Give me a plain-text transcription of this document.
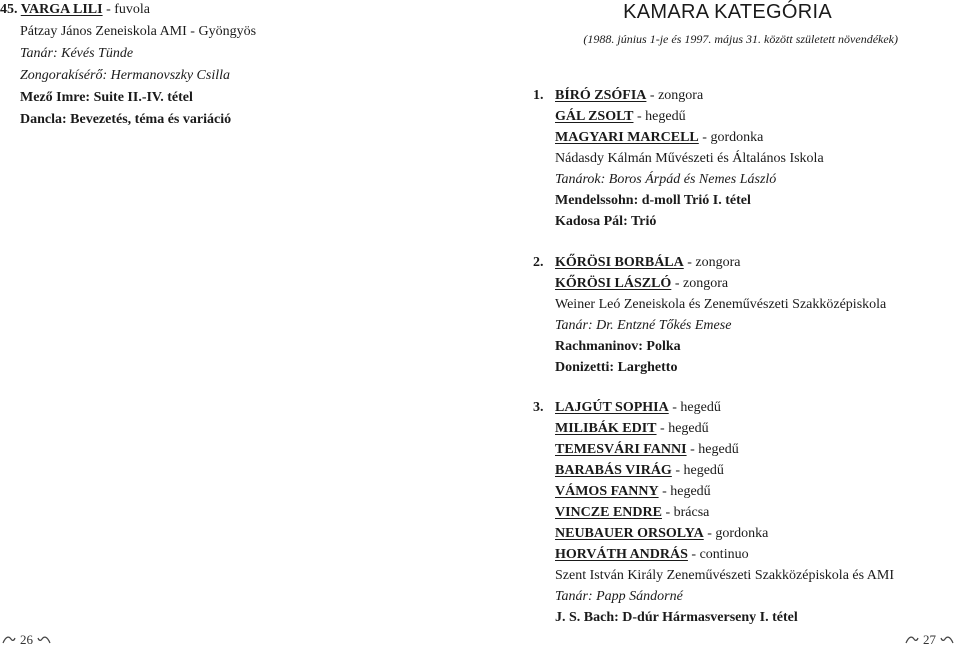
45. VARGA LILI - fuvola
Pátzay János Zeneiskola AMI - Gyöngyös
Tanár: Kévés Tünde
Zongorakísérő: Hermanovszky Csilla
Mező Imre: Suite II.-IV. tétel
Dancla: Bevezetés, téma és variáció
26
KAMARA KATEGÓRIA
(1988. június 1-je és 1997. május 31. között született növendékek)
1. BÍRÓ ZSÓFIA - zongora
GÁL ZSOLT - hegedű
MAGYARI MARCELL - gordonka
Nádasdy Kálmán Művészeti és Általános Iskola
Tanárok: Boros Árpád és Nemes László
Mendelssohn: d-moll Trió I. tétel
Kadosa Pál: Trió
2. KŐRÖSI BORBÁLA - zongora
KŐRÖSI LÁSZLÓ - zongora
Weiner Leó Zeneiskola és Zeneművészeti Szakközépiskola
Tanár: Dr. Entzné Tőkés Emese
Rachmaninov: Polka
Donizetti: Larghetto
3. LAJGÚT SOPHIA - hegedű
MILIBÁK EDIT - hegedű
TEMESVÁRI FANNI - hegedű
BARABÁS VIRÁG - hegedű
VÁMOS FANNY - hegedű
VINCZE ENDRE - brácsa
NEUBAUER ORSOLYA - gordonka
HORVÁTH ANDRÁS - continuo
Szent István Király Zeneművészeti Szakközépiskola és AMI
Tanár: Papp Sándorné
J. S. Bach: D-dúr Hármasverseny I. tétel
27
